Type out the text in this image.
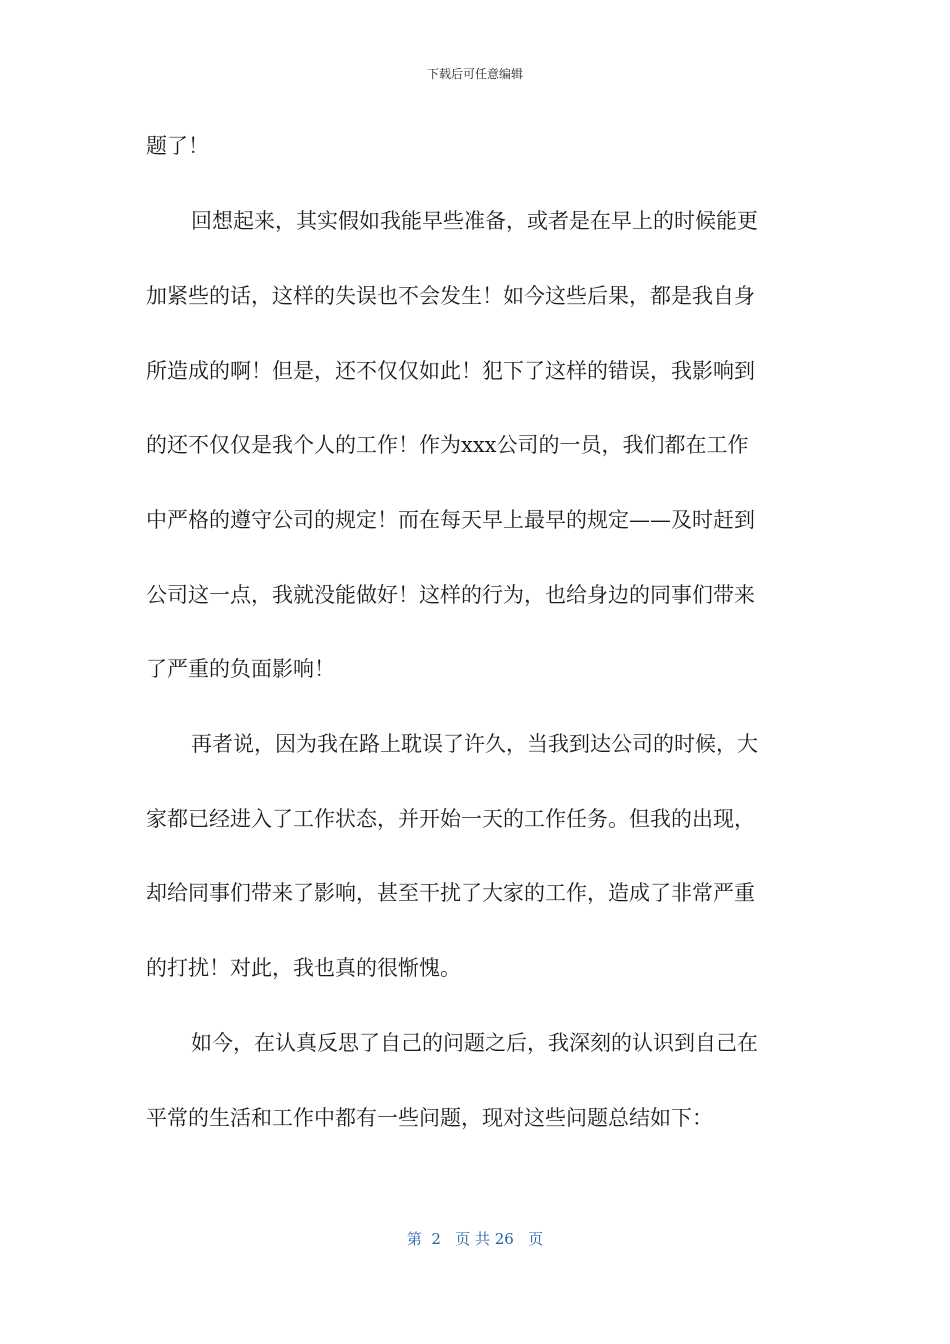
下载后可任意编辑
题了！
回想起来，其实假如我能早些准备，或者是在早上的时候能更
加紧些的话，这样的失误也不会发生！如今这些后果，都是我自身
所造成的啊！但是，还不仅仅如此！犯下了这样的错误，我影响到
的还不仅仅是我个人的工作！作为xxx公司的一员，我们都在工作
中严格的遵守公司的规定！而在每天早上最早的规定——及时赶到
公司这一点，我就没能做好！这样的行为，也给身边的同事们带来
了严重的负面影响！
再者说，因为我在路上耽误了许久，当我到达公司的时候，大
家都已经进入了工作状态，并开始一天的工作任务。但我的出现，
却给同事们带来了影响，甚至干扰了大家的工作，造成了非常严重
的打扰！对此，我也真的很惭愧。
如今，在认真反思了自己的问题之后，我深刻的认识到自己在
平常的生活和工作中都有一些问题，现对这些问题总结如下：
第  2   页 共 26   页
